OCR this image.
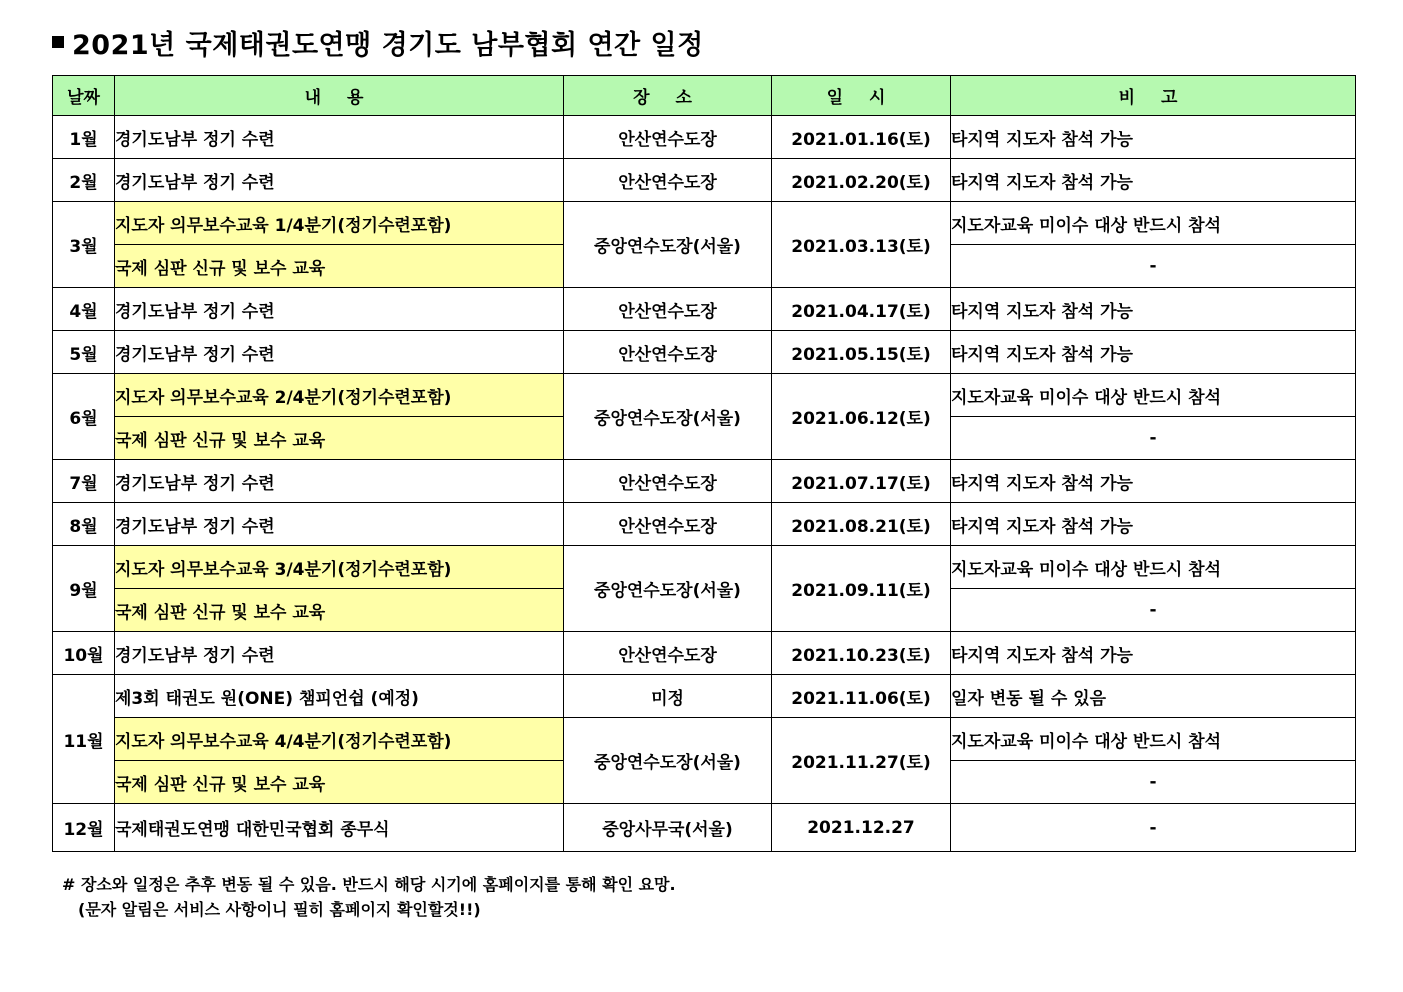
2021년 국제태권도연맹 경기도 남부협회 연간 일정
날짜	내 용	장 소	일 시	비 고
1월	경기도남부 정기 수련	안산연수도장	2021.01.16(토)	타지역 지도자 참석 가능
2월	경기도남부 정기 수련	안산연수도장	2021.02.20(토)	타지역 지도자 참석 가능
3월	지도자 의무보수교육 1/4분기(정기수련포함)	중앙연수도장(서울)	2021.03.13(토)	지도자교육 미이수 대상 반드시 참석
	국제 심판 신규 및 보수 교육			-
4월	경기도남부 정기 수련	안산연수도장	2021.04.17(토)	타지역 지도자 참석 가능
5월	경기도남부 정기 수련	안산연수도장	2021.05.15(토)	타지역 지도자 참석 가능
6월	지도자 의무보수교육 2/4분기(정기수련포함)	중앙연수도장(서울)	2021.06.12(토)	지도자교육 미이수 대상 반드시 참석
	국제 심판 신규 및 보수 교육			-
7월	경기도남부 정기 수련	안산연수도장	2021.07.17(토)	타지역 지도자 참석 가능
8월	경기도남부 정기 수련	안산연수도장	2021.08.21(토)	타지역 지도자 참석 가능
9월	지도자 의무보수교육 3/4분기(정기수련포함)	중앙연수도장(서울)	2021.09.11(토)	지도자교육 미이수 대상 반드시 참석
	국제 심판 신규 및 보수 교육			-
10월	경기도남부 정기 수련	안산연수도장	2021.10.23(토)	타지역 지도자 참석 가능
11월	제3회 태권도 원(ONE) 챔피언쉽 (예정)	미정	2021.11.06(토)	일자 변동 될 수 있음
	지도자 의무보수교육 4/4분기(정기수련포함)	중앙연수도장(서울)	2021.11.27(토)	지도자교육 미이수 대상 반드시 참석
	국제 심판 신규 및 보수 교육			-
12월	국제태권도연맹 대한민국협회 종무식	중앙사무국(서울)	2021.12.27	-
# 장소와 일정은 추후 변동 될 수 있음. 반드시 해당 시기에 홈페이지를 통해 확인 요망.
(문자 알림은 서비스 사항이니 필히 홈페이지 확인할것!!)
